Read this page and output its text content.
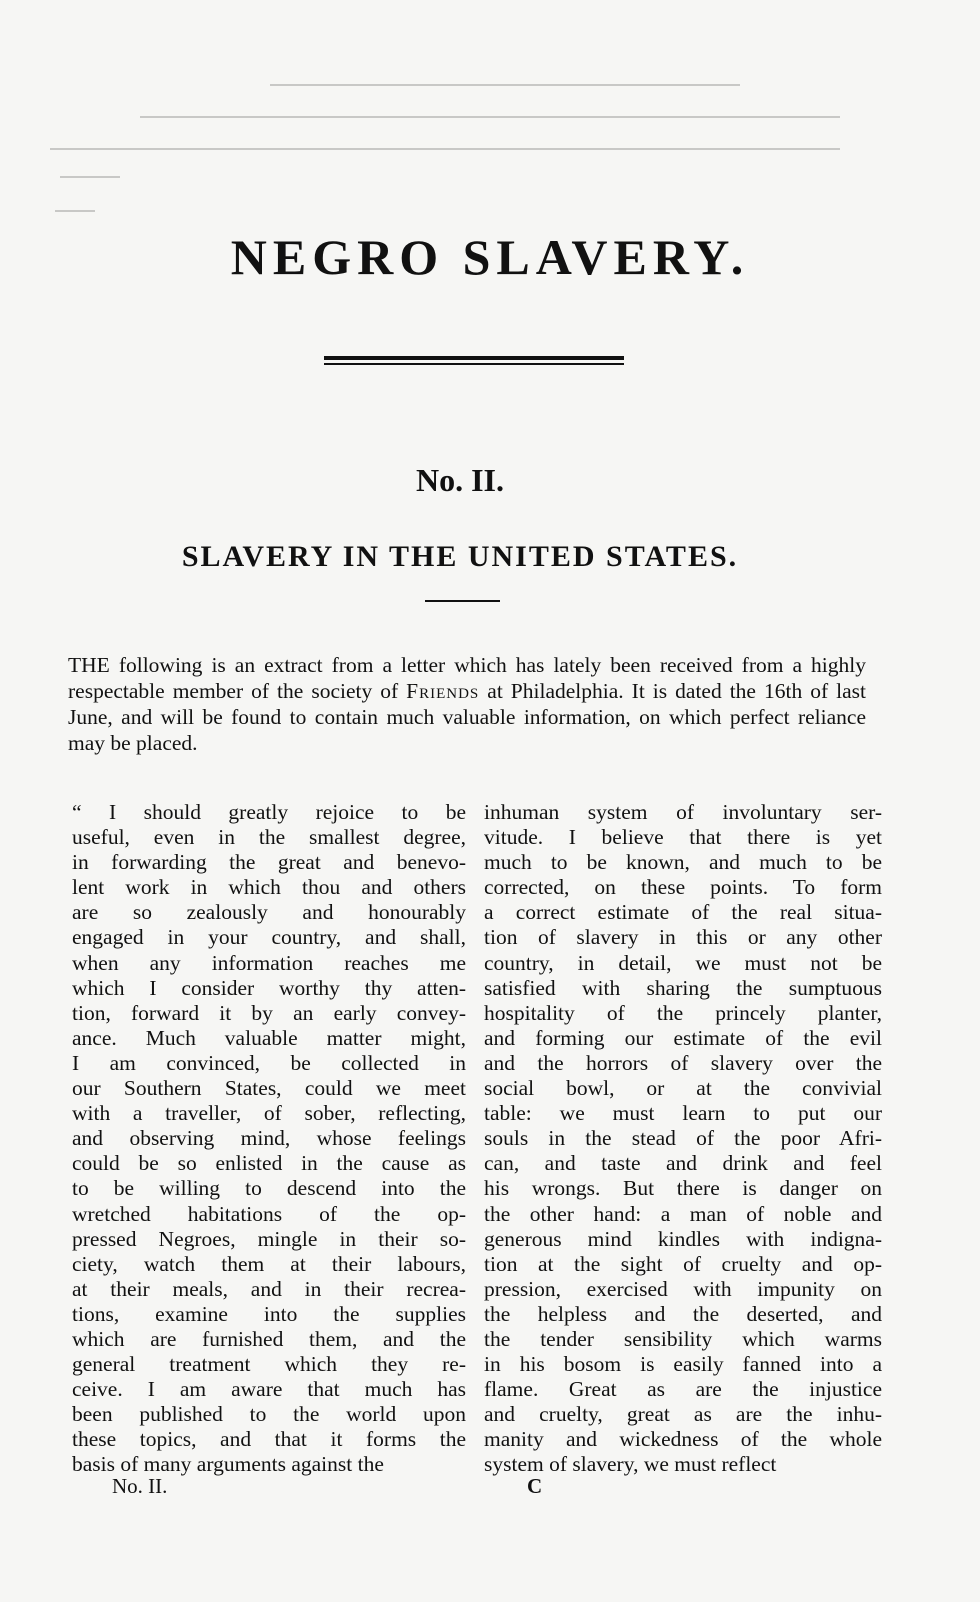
NEGRO SLAVERY.
No. II.
SLAVERY IN THE UNITED STATES.

THE following is an extract from a letter which has lately been received from a highly respectable member of the society of Friends at Philadelphia. It is dated the 16th of last June, and will be found to contain much valuable information, on which perfect reliance may be placed.

“ I should greatly rejoice to be
useful, even in the smallest degree,
in forwarding the great and benevo-
lent work in which thou and others
are so zealously and honourably
engaged in your country, and shall,
when any information reaches me
which I consider worthy thy atten-
tion, forward it by an early convey-
ance. Much valuable matter might,
I am convinced, be collected in
our Southern States, could we meet
with a traveller, of sober, reflecting,
and observing mind, whose feelings
could be so enlisted in the cause as
to be willing to descend into the
wretched habitations of the op-
pressed Negroes, mingle in their so-
ciety, watch them at their labours,
at their meals, and in their recrea-
tions, examine into the supplies
which are furnished them, and the
general treatment which they re-
ceive. I am aware that much has
been published to the world upon
these topics, and that it forms the
basis of many arguments against the
inhuman system of involuntary ser-
vitude. I believe that there is yet
much to be known, and much to be
corrected, on these points. To form
a correct estimate of the real situa-
tion of slavery in this or any other
country, in detail, we must not be
satisfied with sharing the sumptuous
hospitality of the princely planter,
and forming our estimate of the evil
and the horrors of slavery over the
social bowl, or at the convivial
table: we must learn to put our
souls in the stead of the poor Afri-
can, and taste and drink and feel
his wrongs. But there is danger on
the other hand: a man of noble and
generous mind kindles with indigna-
tion at the sight of cruelty and op-
pression, exercised with impunity on
the helpless and the deserted, and
the tender sensibility which warms
in his bosom is easily fanned into a
flame. Great as are the injustice
and cruelty, great as are the inhu-
manity and wickedness of the whole
system of slavery, we must reflect

No. II.	C
